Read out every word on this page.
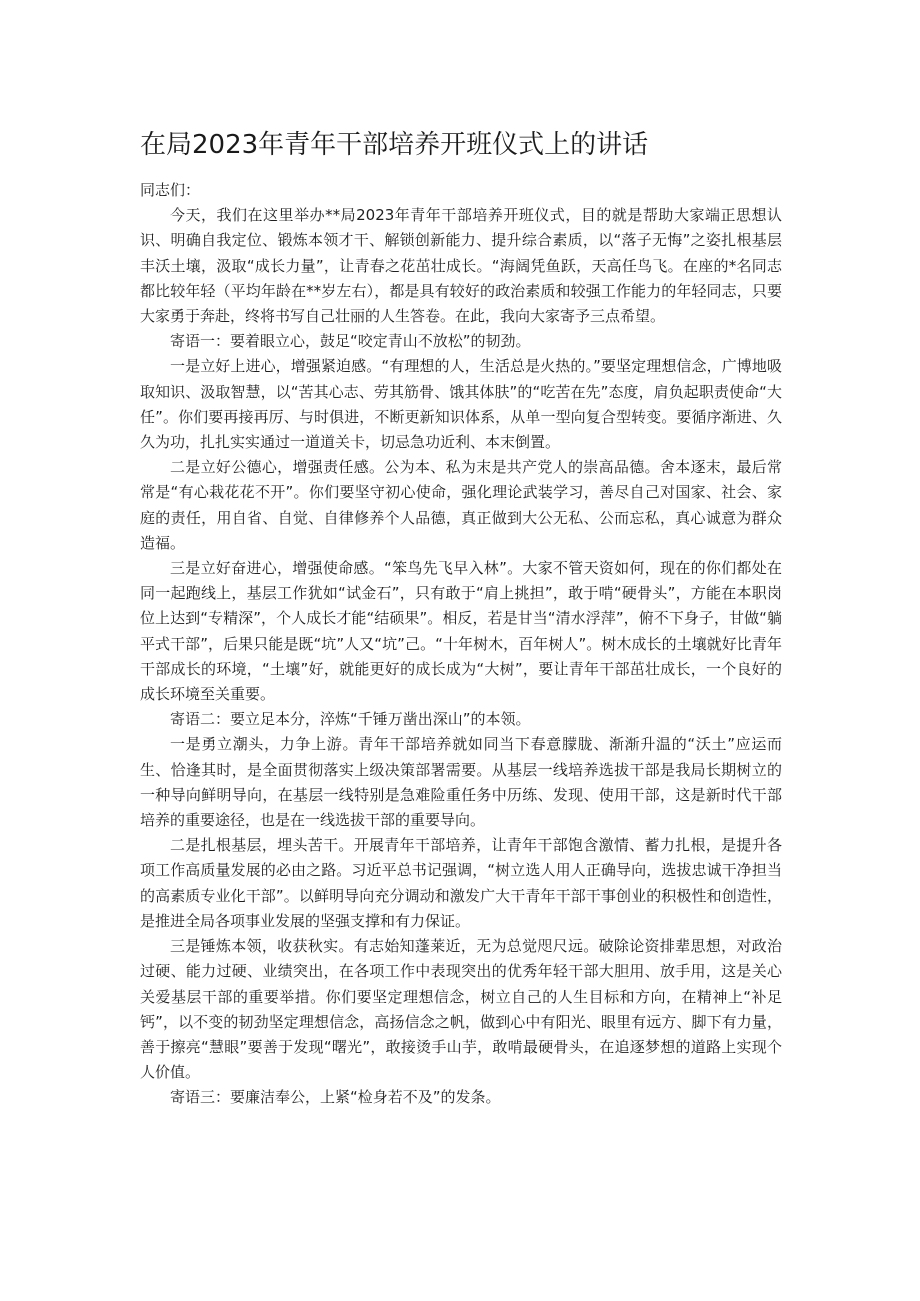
在局2023年青年干部培养开班仪式上的讲话

同志们：

今天，我们在这里举办**局2023年青年干部培养开班仪式，目的就是帮助大家端正思想认识、明确自我定位、锻炼本领才干、解锁创新能力、提升综合素质，以“落子无悔”之姿扎根基层丰沃土壤，汲取“成长力量”，让青春之花茁壮成长。“海阔凭鱼跃，天高任鸟飞。在座的*名同志都比较年轻（平均年龄在**岁左右），都是具有较好的政治素质和较强工作能力的年轻同志，只要大家勇于奔赴，终将书写自己壮丽的人生答卷。在此，我向大家寄予三点希望。

寄语一：要着眼立心，鼓足“咬定青山不放松”的韧劲。

一是立好上进心，增强紧迫感。“有理想的人，生活总是火热的。”要坚定理想信念，广博地吸取知识、汲取智慧，以“苦其心志、劳其筋骨、饿其体肤”的“吃苦在先”态度，肩负起职责使命“大任”。你们要再接再厉、与时俱进，不断更新知识体系，从单一型向复合型转变。要循序渐进、久久为功，扎扎实实通过一道道关卡，切忌急功近利、本末倒置。

二是立好公德心，增强责任感。公为本、私为末是共产党人的崇高品德。舍本逐末，最后常常是“有心栽花花不开”。你们要坚守初心使命，强化理论武装学习，善尽自己对国家、社会、家庭的责任，用自省、自觉、自律修养个人品德，真正做到大公无私、公而忘私，真心诚意为群众造福。

三是立好奋进心，增强使命感。“笨鸟先飞早入林”。大家不管天资如何，现在的你们都处在同一起跑线上，基层工作犹如“试金石”，只有敢于“肩上挑担”，敢于啃“硬骨头”，方能在本职岗位上达到“专精深”，个人成长才能“结硕果”。相反，若是甘当“清水浮萍”，俯不下身子，甘做“躺平式干部”，后果只能是既“坑”人又“坑”己。“十年树木，百年树人”。树木成长的土壤就好比青年干部成长的环境，“土壤”好，就能更好的成长成为“大树”，要让青年干部茁壮成长，一个良好的成长环境至关重要。

寄语二：要立足本分，淬炼“千锤万凿出深山”的本领。

一是勇立潮头，力争上游。青年干部培养就如同当下春意朦胧、渐渐升温的“沃土”应运而生、恰逢其时，是全面贯彻落实上级决策部署需要。从基层一线培养选拔干部是我局长期树立的一种导向鲜明导向，在基层一线特别是急难险重任务中历练、发现、使用干部，这是新时代干部培养的重要途径，也是在一线选拔干部的重要导向。

二是扎根基层，埋头苦干。开展青年干部培养，让青年干部饱含激情、蓄力扎根，是提升各项工作高质量发展的必由之路。习近平总书记强调，“树立选人用人正确导向，选拔忠诚干净担当的高素质专业化干部”。以鲜明导向充分调动和激发广大干青年干部干事创业的积极性和创造性，是推进全局各项事业发展的坚强支撑和有力保证。

三是锤炼本领，收获秋实。有志始知蓬莱近，无为总觉咫尺远。破除论资排辈思想，对政治过硬、能力过硬、业绩突出，在各项工作中表现突出的优秀年轻干部大胆用、放手用，这是关心关爱基层干部的重要举措。你们要坚定理想信念，树立自己的人生目标和方向，在精神上“补足钙”，以不变的韧劲坚定理想信念，高扬信念之帆，做到心中有阳光、眼里有远方、脚下有力量，善于擦亮“慧眼”要善于发现“曙光”，敢接烫手山芋，敢啃最硬骨头，在追逐梦想的道路上实现个人价值。

寄语三：要廉洁奉公，上紧“检身若不及”的发条。
